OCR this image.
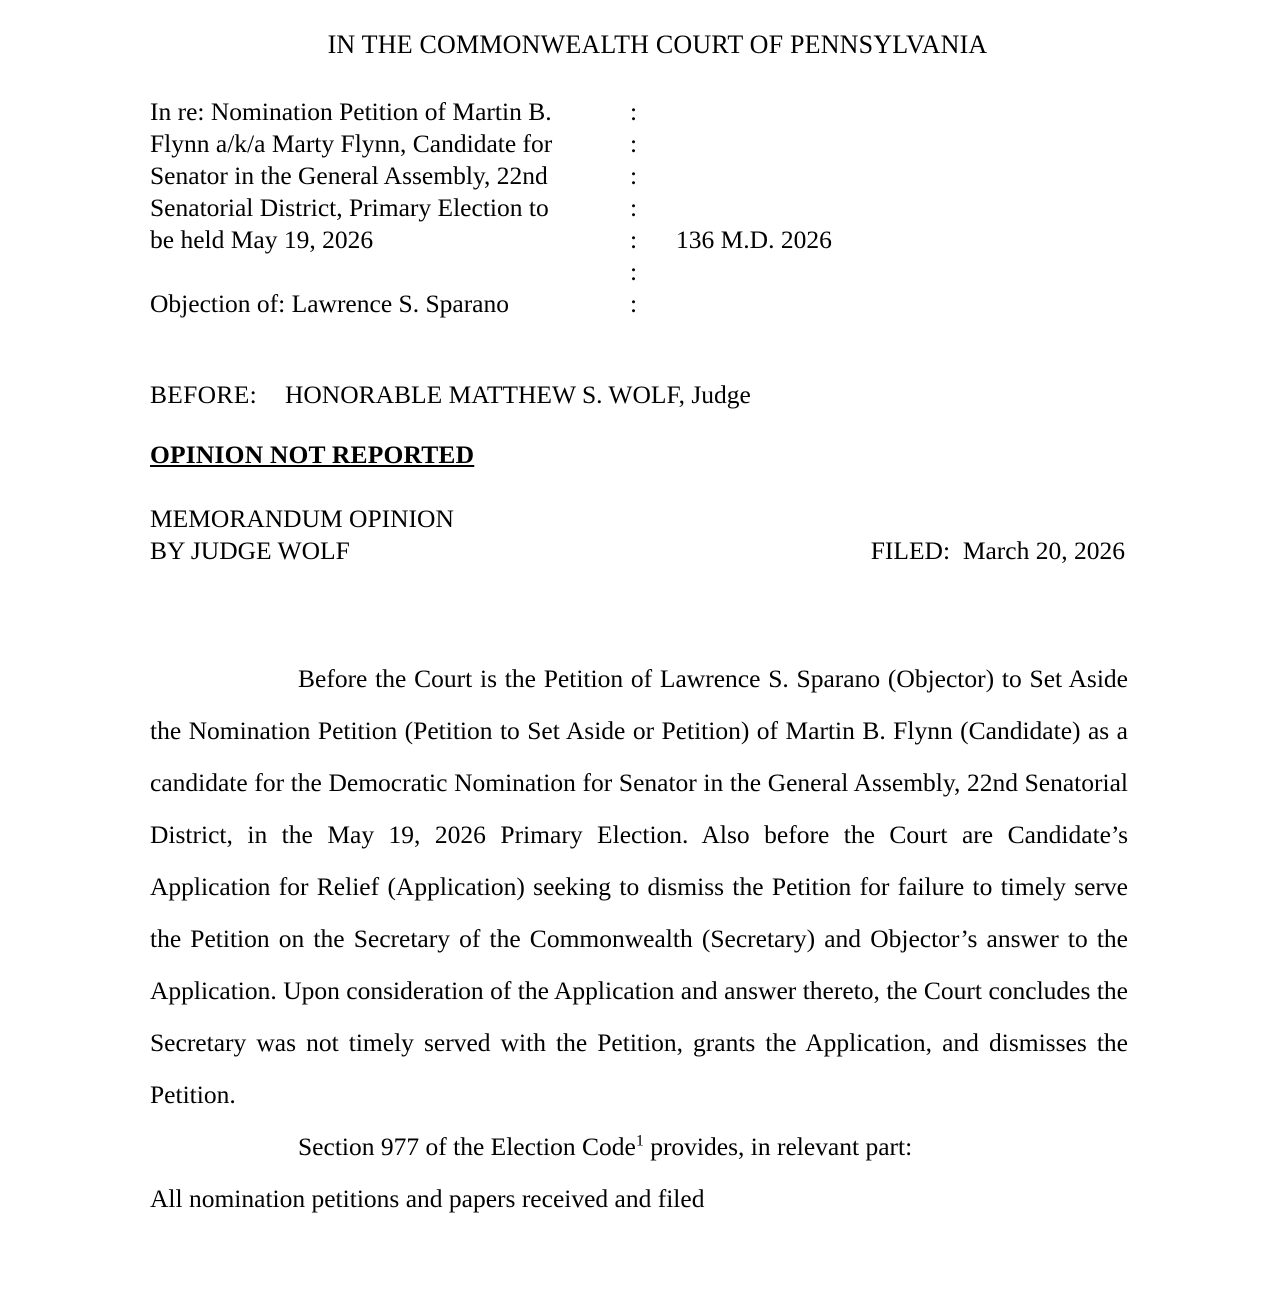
IN THE COMMONWEALTH COURT OF PENNSYLVANIA
In re: Nomination Petition of Martin B.	:	
Flynn a/k/a Marty Flynn, Candidate for	:	
Senator in the General Assembly, 22nd	:	
Senatorial District, Primary Election to	:	
be held May 19, 2026	:	136 M.D. 2026
	:	
Objection of: Lawrence S. Sparano	:	
BEFORE: HONORABLE MATTHEW S. WOLF, Judge
OPINION NOT REPORTED
MEMORANDUM OPINION
BY JUDGE WOLF	FILED: March 20, 2026

Before the Court is the Petition of Lawrence S. Sparano (Objector) to Set Aside the Nomination Petition (Petition to Set Aside or Petition) of Martin B. Flynn (Candidate) as a candidate for the Democratic Nomination for Senator in the General Assembly, 22nd Senatorial District, in the May 19, 2026 Primary Election. Also before the Court are Candidate’s Application for Relief (Application) seeking to dismiss the Petition for failure to timely serve the Petition on the Secretary of the Commonwealth (Secretary) and Objector’s answer to the Application. Upon consideration of the Application and answer thereto, the Court concludes the Secretary was not timely served with the Petition, grants the Application, and dismisses the Petition.

Section 977 of the Election Code$^1$ provides, in relevant part:

All nomination petitions and papers received and filed
